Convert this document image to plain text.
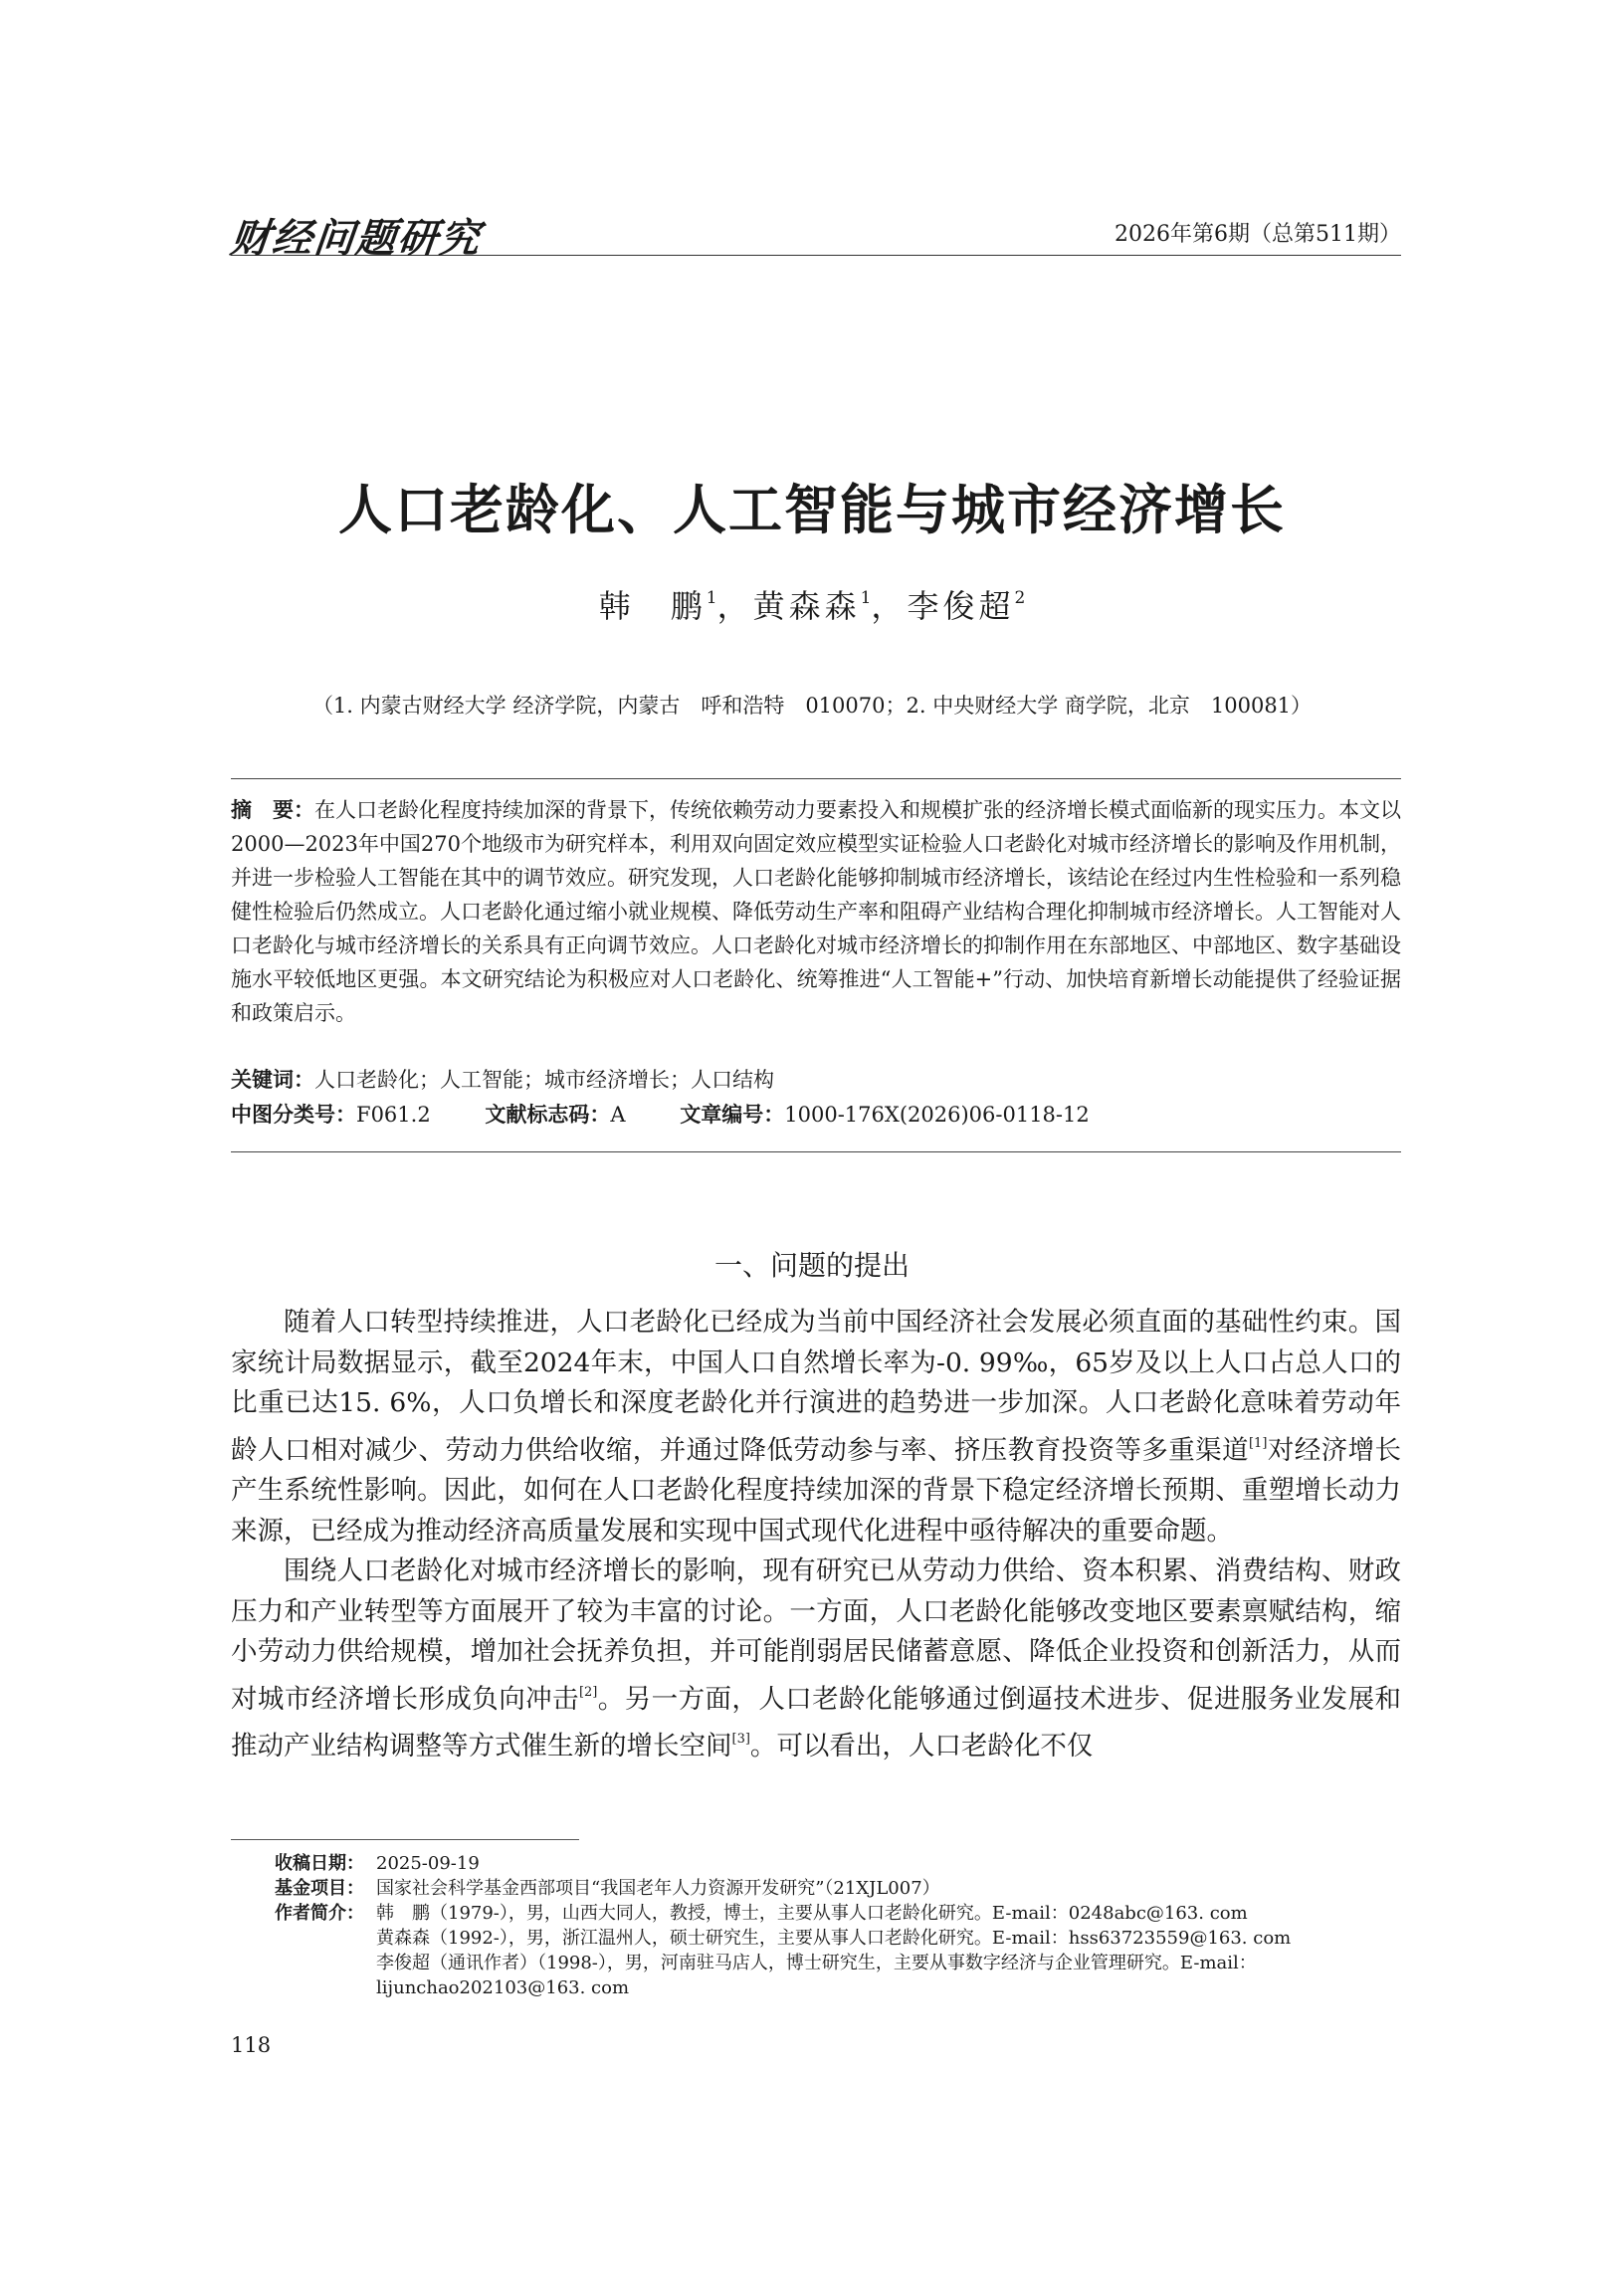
财经问题研究	2026年第6期（总第511期）
人口老龄化、人工智能与城市经济增长
韩　鹏$^1$，黄森森$^1$，李俊超$^2$
（1. 内蒙古财经大学 经济学院，内蒙古　呼和浩特　010070；2. 中央财经大学 商学院，北京　100081）
摘　要：在人口老龄化程度持续加深的背景下，传统依赖劳动力要素投入和规模扩张的经济增长模式面临新的现实压力。本文以2000—2023年中国270个地级市为研究样本，利用双向固定效应模型实证检验人口老龄化对城市经济增长的影响及作用机制，并进一步检验人工智能在其中的调节效应。研究发现，人口老龄化能够抑制城市经济增长，该结论在经过内生性检验和一系列稳健性检验后仍然成立。人口老龄化通过缩小就业规模、降低劳动生产率和阻碍产业结构合理化抑制城市经济增长。人工智能对人口老龄化与城市经济增长的关系具有正向调节效应。人口老龄化对城市经济增长的抑制作用在东部地区、中部地区、数字基础设施水平较低地区更强。本文研究结论为积极应对人口老龄化、统筹推进“人工智能+”行动、加快培育新增长动能提供了经验证据和政策启示。
关键词：人口老龄化；人工智能；城市经济增长；人口结构
中图分类号：F061.2	文献标志码：A	文章编号：1000-176X(2026)06-0118-12
一、问题的提出

随着人口转型持续推进，人口老龄化已经成为当前中国经济社会发展必须直面的基础性约束。国家统计局数据显示，截至2024年末，中国人口自然增长率为-0. 99‰，65岁及以上人口占总人口的比重已达15. 6%，人口负增长和深度老龄化并行演进的趋势进一步加深。人口老龄化意味着劳动年龄人口相对减少、劳动力供给收缩，并通过降低劳动参与率、挤压教育投资等多重渠道[1]对经济增长产生系统性影响。因此，如何在人口老龄化程度持续加深的背景下稳定经济增长预期、重塑增长动力来源，已经成为推动经济高质量发展和实现中国式现代化进程中亟待解决的重要命题。

围绕人口老龄化对城市经济增长的影响，现有研究已从劳动力供给、资本积累、消费结构、财政压力和产业转型等方面展开了较为丰富的讨论。一方面，人口老龄化能够改变地区要素禀赋结构，缩小劳动力供给规模，增加社会抚养负担，并可能削弱居民储蓄意愿、降低企业投资和创新活力，从而对城市经济增长形成负向冲击[2]。另一方面，人口老龄化能够通过倒逼技术进步、促进服务业发展和推动产业结构调整等方式催生新的增长空间[3]。可以看出，人口老龄化不仅

收稿日期： 2025-09-19
基金项目： 国家社会科学基金西部项目“我国老年人力资源开发研究”（21XJL007）
作者简介： 韩　鹏（1979-），男，山西大同人，教授，博士，主要从事人口老龄化研究。E-mail：0248abc@163. com
黄森森（1992-），男，浙江温州人，硕士研究生，主要从事人口老龄化研究。E-mail：hss63723559@163. com
李俊超（通讯作者）（1998-），男，河南驻马店人，博士研究生，主要从事数字经济与企业管理研究。E-mail：lijunchao202103@163. com
118
